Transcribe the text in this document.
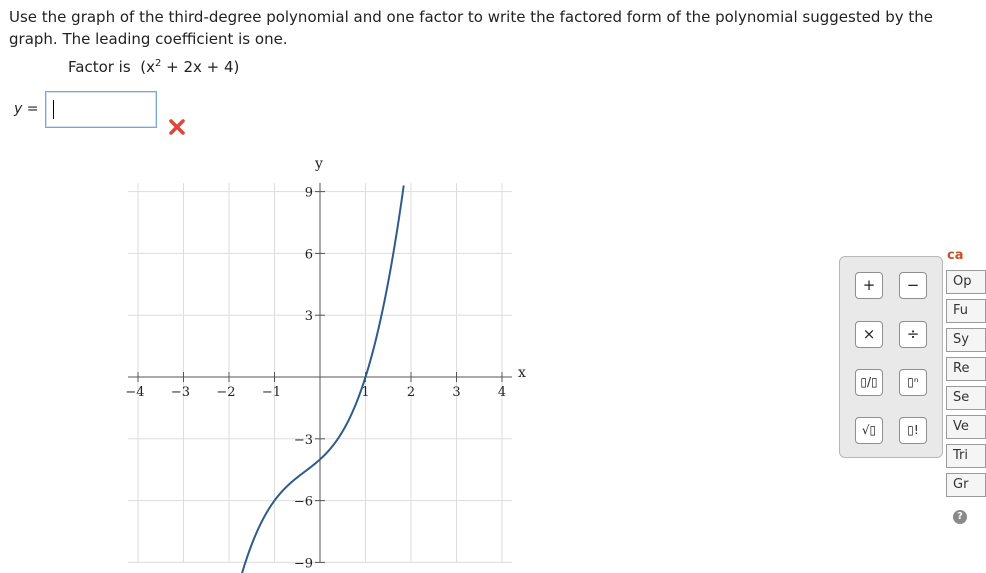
Use the graph of the third-degree polynomial and one factor to write the factored form of the polynomial suggested by the graph. The leading coefficient is one.
Factor is $(x^2 + 2x + 4)$
y =
−4 −3 −2 −1	1	2	3	4
9
6
3
−3
−6
−9
x
y
+	−
×	÷
▯/▯	▯ⁿ
√▯	▯!
ca
Op
Fu
Sy
Re
Se
Ve
Tri
Gr
?
